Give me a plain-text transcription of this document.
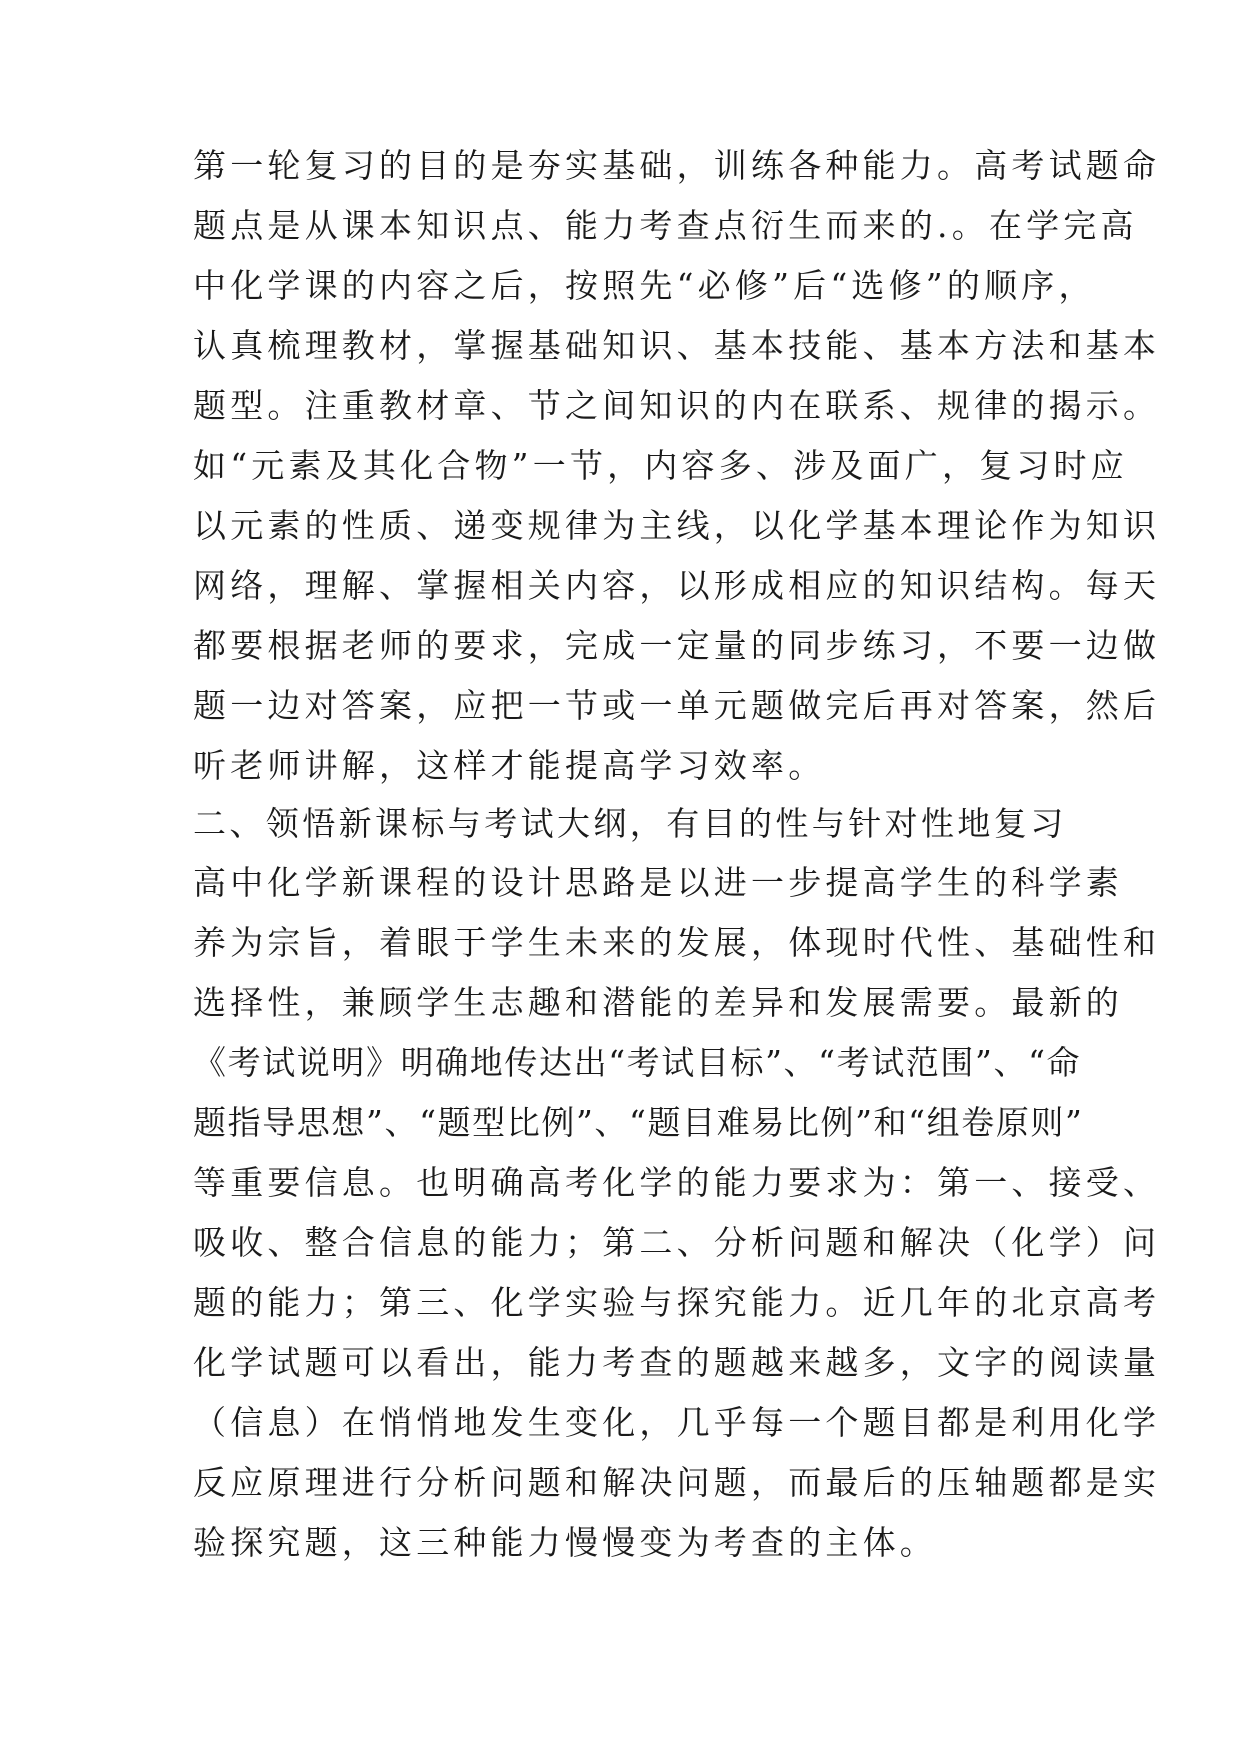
第一轮复习的目的是夯实基础，训练各种能力。高考试题命
题点是从课本知识点、能力考查点衍生而来的.。在学完高
中化学课的内容之后，按照先“必修”后“选修”的顺序，
认真梳理教材，掌握基础知识、基本技能、基本方法和基本
题型。注重教材章、节之间知识的内在联系、规律的揭示。
如“元素及其化合物”一节，内容多、涉及面广，复习时应
以元素的性质、递变规律为主线，以化学基本理论作为知识
网络，理解、掌握相关内容，以形成相应的知识结构。每天
都要根据老师的要求，完成一定量的同步练习，不要一边做
题一边对答案，应把一节或一单元题做完后再对答案，然后
听老师讲解，这样才能提高学习效率。
二、领悟新课标与考试大纲，有目的性与针对性地复习
高中化学新课程的设计思路是以进一步提高学生的科学素
养为宗旨，着眼于学生未来的发展，体现时代性、基础性和
选择性，兼顾学生志趣和潜能的差异和发展需要。最新的
《考试说明》明确地传达出“考试目标”、“考试范围”、“命
题指导思想”、“题型比例”、“题目难易比例”和“组卷原则”
等重要信息。也明确高考化学的能力要求为：第一、接受、
吸收、整合信息的能力；第二、分析问题和解决（化学）问
题的能力；第三、化学实验与探究能力。近几年的北京高考
化学试题可以看出，能力考查的题越来越多，文字的阅读量
（信息）在悄悄地发生变化，几乎每一个题目都是利用化学
反应原理进行分析问题和解决问题，而最后的压轴题都是实
验探究题，这三种能力慢慢变为考查的主体。
